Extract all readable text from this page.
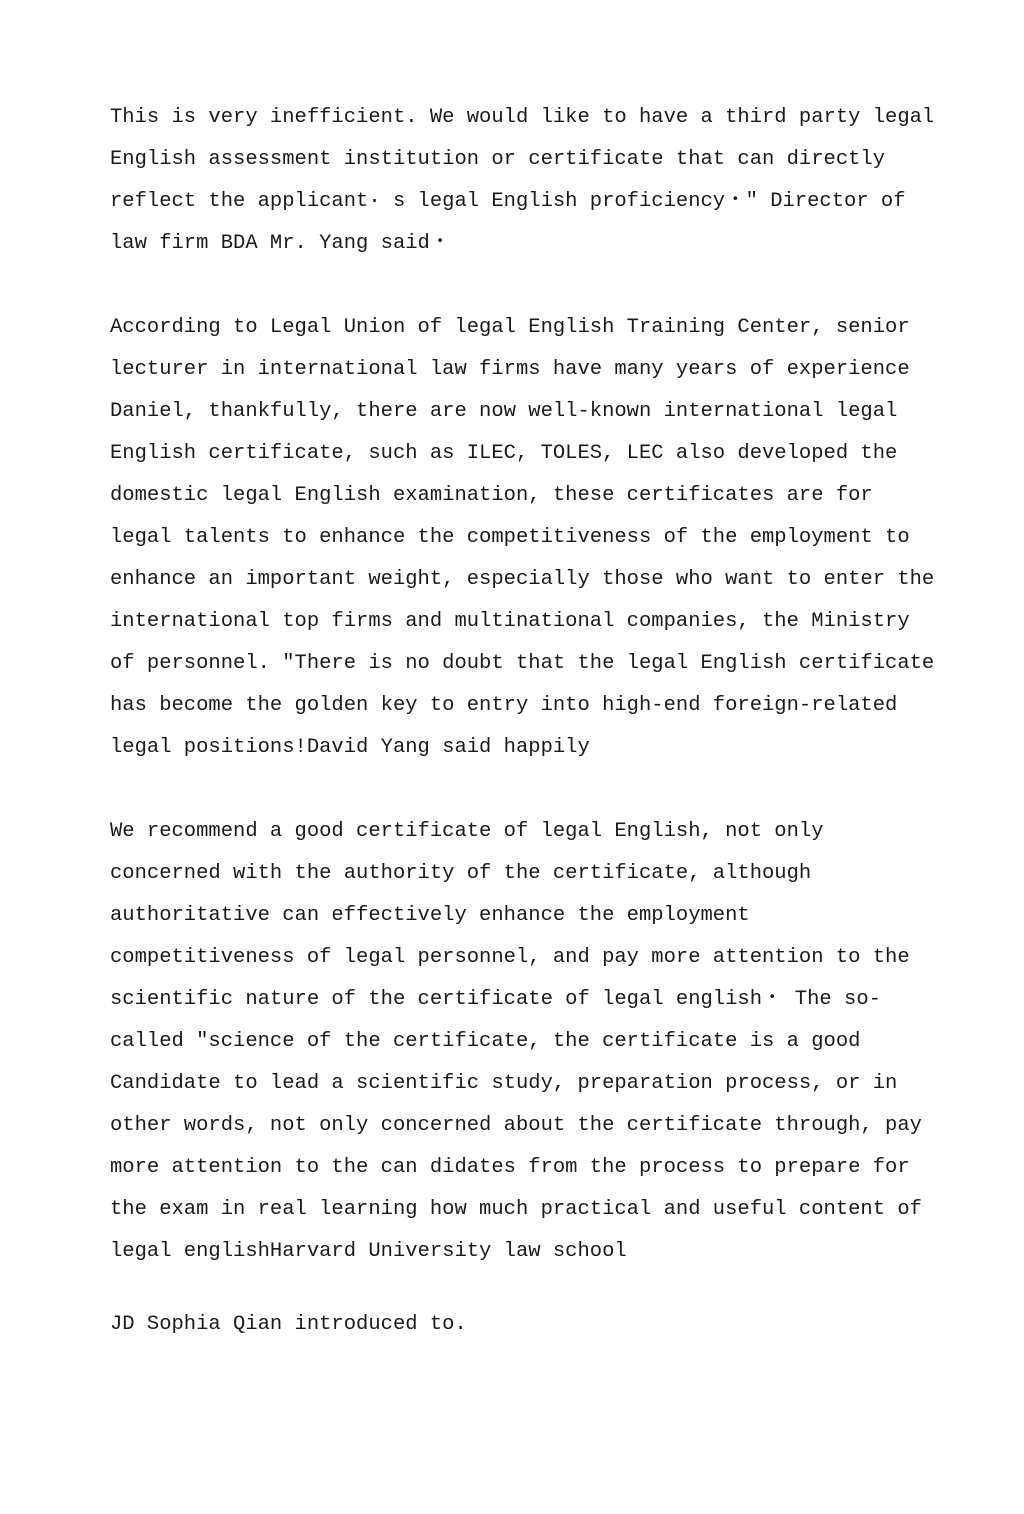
This is very inefficient. We would like to have a third party legal
English assessment institution or certificate that can directly
reflect the applicant· s legal English proficiency・″ Director of
law firm BDA Mr. Yang said・
According to Legal Union of legal English Training Center, senior
lecturer in international law firms have many years of experience
Daniel, thankfully, there are now well-known international legal
English certificate, such as ILEC, TOLES, LEC also developed the
domestic legal English examination, these certificates are for
legal talents to enhance the competitiveness of the employment to
enhance an important weight, especially those who want to enter the
international top firms and multinational companies, the Ministry
of personnel. ″There is no doubt that the legal English certificate
has become the golden key to entry into high-end foreign-related
legal positions!David Yang said happily
We recommend a good certificate of legal English, not only
concerned with the authority of the certificate, although
authoritative can effectively enhance the employment
competitiveness of legal personnel, and pay more attention to the
scientific nature of the certificate of legal english・ The so-
called ″science of the certificate, the certificate is a good
Candidate to lead a scientific study, preparation process, or in
other words, not only concerned about the certificate through, pay
more attention to the can didates from the process to prepare for
the exam in real learning how much practical and useful content of
legal englishHarvard University law school
JD Sophia Qian introduced to.
